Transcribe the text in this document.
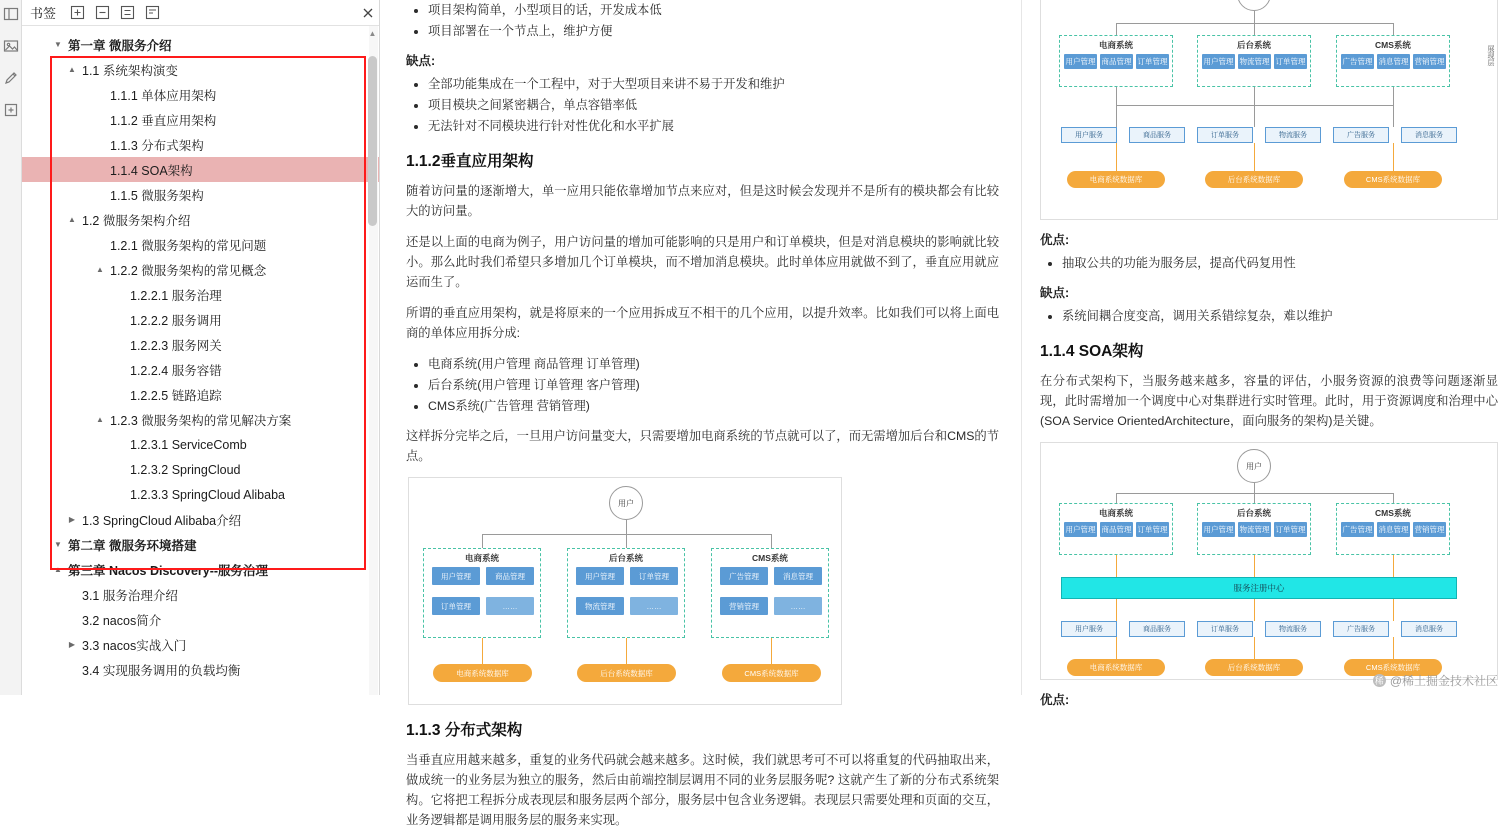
书签
▼ 第一章 微服务介绍
▲ 1.1 系统架构演变
1.1.1 单体应用架构
1.1.2 垂直应用架构
1.1.3 分布式架构
1.1.4 SOA架构
1.1.5 微服务架构
▲ 1.2 微服务架构介绍
1.2.1 微服务架构的常见问题
▲ 1.2.2 微服务架构的常见概念
1.2.2.1 服务治理
1.2.2.2 服务调用
1.2.2.3 服务网关
1.2.2.4 服务容错
1.2.2.5 链路追踪
▲ 1.2.3 微服务架构的常见解决方案
1.2.3.1 ServiceComb
1.2.3.2 SpringCloud
1.2.3.3 SpringCloud Alibaba
▶ 1.3 SpringCloud Alibaba介绍
▼ 第二章 微服务环境搭建
▲ 第三章 Nacos Discovery--服务治理
3.1 服务治理介绍
3.2 nacos简介
▶ 3.3 nacos实战入门
3.4 实现服务调用的负载均衡
▲
• 项目架构简单，小型项目的话，开发成本低
• 项目部署在一个节点上，维护方便
缺点:
• 全部功能集成在一个工程中，对于大型项目来讲不易于开发和维护
• 项目模块之间紧密耦合，单点容错率低
• 无法针对不同模块进行针对性优化和水平扩展
1.1.2垂直应用架构

随着访问量的逐渐增大，单一应用只能依靠增加节点来应对，但是这时候会发现并不是所有的模块都会有比较大的访问量。

还是以上面的电商为例子，用户访问量的增加可能影响的只是用户和订单模块，但是对消息模块的影响就比较小。那么此时我们希望只多增加几个订单模块，而不增加消息模块。此时单体应用就做不到了，垂直应用就应运而生了。

所谓的垂直应用架构，就是将原来的一个应用拆成互不相干的几个应用，以提升效率。比如我们可以将上面电商的单体应用拆分成:

• 电商系统(用户管理 商品管理 订单管理)
• 后台系统(用户管理 订单管理 客户管理)
• CMS系统(广告管理 营销管理)

这样拆分完毕之后，一旦用户访问量变大，只需要增加电商系统的节点就可以了，而无需增加后台和CMS的节点。

用户
电商系统
用户管理	商品管理
订单管理	……
后台系统
用户管理	订单管理
物流管理	……
CMS系统
广告管理	消息管理
营销管理	……
电商系统数据库	后台系统数据库	CMS系统数据库
1.1.3 分布式架构

当垂直应用越来越多，重复的业务代码就会越来越多。这时候，我们就思考可不可以将重复的代码抽取出来，做成统一的业务层为独立的服务，然后由前端控制层调用不同的业务层服务呢? 这就产生了新的分布式系统架构。它将把工程拆分成表现层和服务层两个部分，服务层中包含业务逻辑。表现层只需要处理和页面的交互，业务逻辑都是调用服务层的服务来实现。

电商系统
用户管理 商品管理 订单管理
后台系统
用户管理 物流管理 订单管理
CMS系统
广告管理 消息管理 营销管理	展现层
用户服务	商品服务	订单服务	物流服务	广告服务	消息服务
电商系统数据库	后台系统数据库	CMS系统数据库
优点:
• 抽取公共的功能为服务层，提高代码复用性
缺点:
• 系统间耦合度变高，调用关系错综复杂，难以维护
1.1.4 SOA架构

在分布式架构下，当服务越来越多，容量的评估，小服务资源的浪费等问题逐渐显现，此时需增加一个调度中心对集群进行实时管理。此时，用于资源调度和治理中心(SOA Service OrientedArchitecture，面向服务的架构)是关键。

用户
电商系统
用户管理 商品管理 订单管理
后台系统
用户管理 物流管理 订单管理
CMS系统
广告管理 消息管理 营销管理
服务注册中心
用户服务	商品服务	订单服务	物流服务	广告服务	消息服务
电商系统数据库	后台系统数据库	CMS系统数据库
优点:
稀 @稀土掘金技术社区
